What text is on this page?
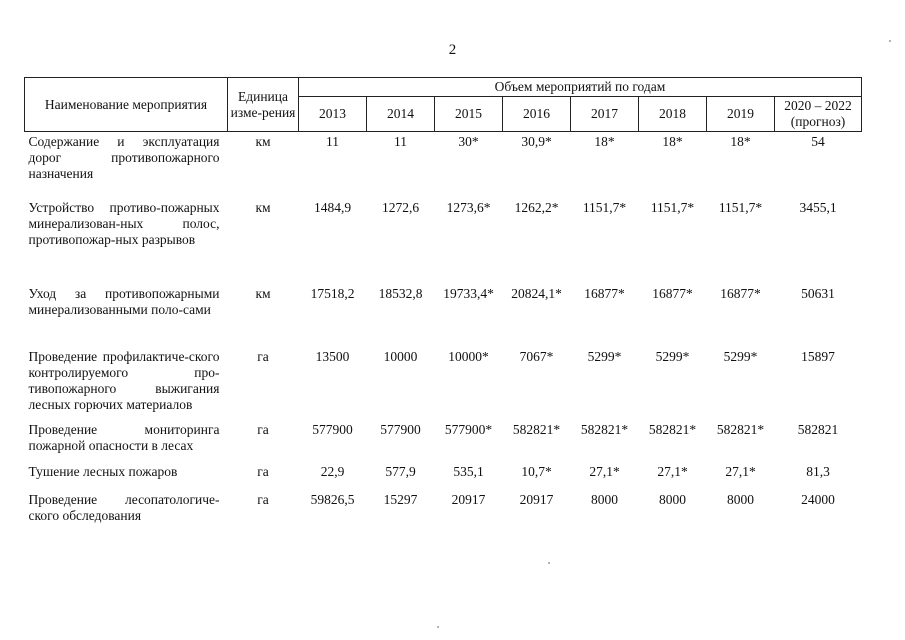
2
Наименование мероприятия	Единица изме-рения	Объем мероприятий по годам							
		2013	2014	2015	2016	2017	2018	2019	2020 – 2022 (прогноз)
Содержание и эксплуатация дорог противопожарного назначения	км	11	11	30*	30,9*	18*	18*	18*	54
Устройство противо-пожарных минерализован-ных полос, противопожар-ных разрывов	км	1484,9	1272,6	1273,6*	1262,2*	1151,7*	1151,7*	1151,7*	3455,1
Уход за противопожарными минерализованными поло-сами	км	17518,2	18532,8	19733,4*	20824,1*	16877*	16877*	16877*	50631
Проведение профилактиче-ского контролируемого про-тивопожарного выжигания лесных горючих материалов	га	13500	10000	10000*	7067*	5299*	5299*	5299*	15897
Проведение мониторинга пожарной опасности в лесах	га	577900	577900	577900*	582821*	582821*	582821*	582821*	582821
Тушение лесных пожаров	га	22,9	577,9	535,1	10,7*	27,1*	27,1*	27,1*	81,3
Проведение лесопатологиче-ского обследования	га	59826,5	15297	20917	20917	8000	8000	8000	24000
